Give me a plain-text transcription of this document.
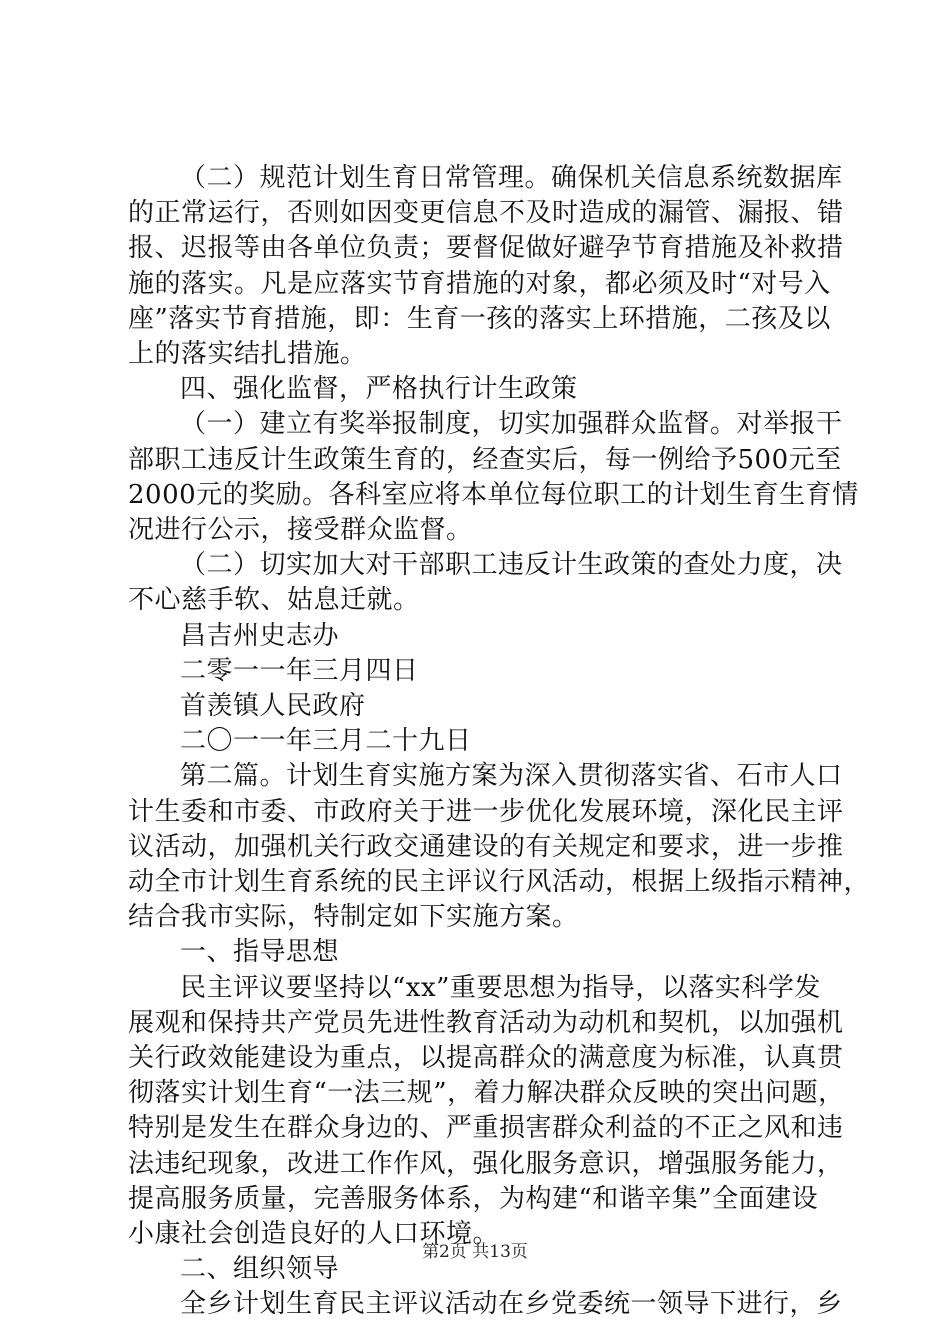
（二）规范计划生育日常管理。确保机关信息系统数据库
的正常运行，否则如因变更信息不及时造成的漏管、漏报、错
报、迟报等由各单位负责；要督促做好避孕节育措施及补救措
施的落实。凡是应落实节育措施的对象，都必须及时“对号入
座”落实节育措施，即：生育一孩的落实上环措施，二孩及以
上的落实结扎措施。
四、强化监督，严格执行计生政策
（一）建立有奖举报制度，切实加强群众监督。对举报干
部职工违反计生政策生育的，经查实后，每一例给予500元至
2000元的奖励。各科室应将本单位每位职工的计划生育生育情
况进行公示，接受群众监督。
（二）切实加大对干部职工违反计生政策的查处力度，决
不心慈手软、姑息迁就。
昌吉州史志办
二零一一年三月四日
首羡镇人民政府
二〇一一年三月二十九日
第二篇。计划生育实施方案为深入贯彻落实省、石市人口
计生委和市委、市政府关于进一步优化发展环境，深化民主评
议活动，加强机关行政交通建设的有关规定和要求，进一步推
动全市计划生育系统的民主评议行风活动，根据上级指示精神，
结合我市实际，特制定如下实施方案。
一、指导思想
民主评议要坚持以“xx”重要思想为指导，以落实科学发
展观和保持共产党员先进性教育活动为动机和契机，以加强机
关行政效能建设为重点，以提高群众的满意度为标准，认真贯
彻落实计划生育“一法三规”，着力解决群众反映的突出问题，
特别是发生在群众身边的、严重损害群众利益的不正之风和违
法违纪现象，改进工作作风，强化服务意识，增强服务能力，
提高服务质量，完善服务体系，为构建“和谐辛集”全面建设
小康社会创造良好的人口环境。
二、组织领导
全乡计划生育民主评议活动在乡党委统一领导下进行，乡
第2页 共13页
